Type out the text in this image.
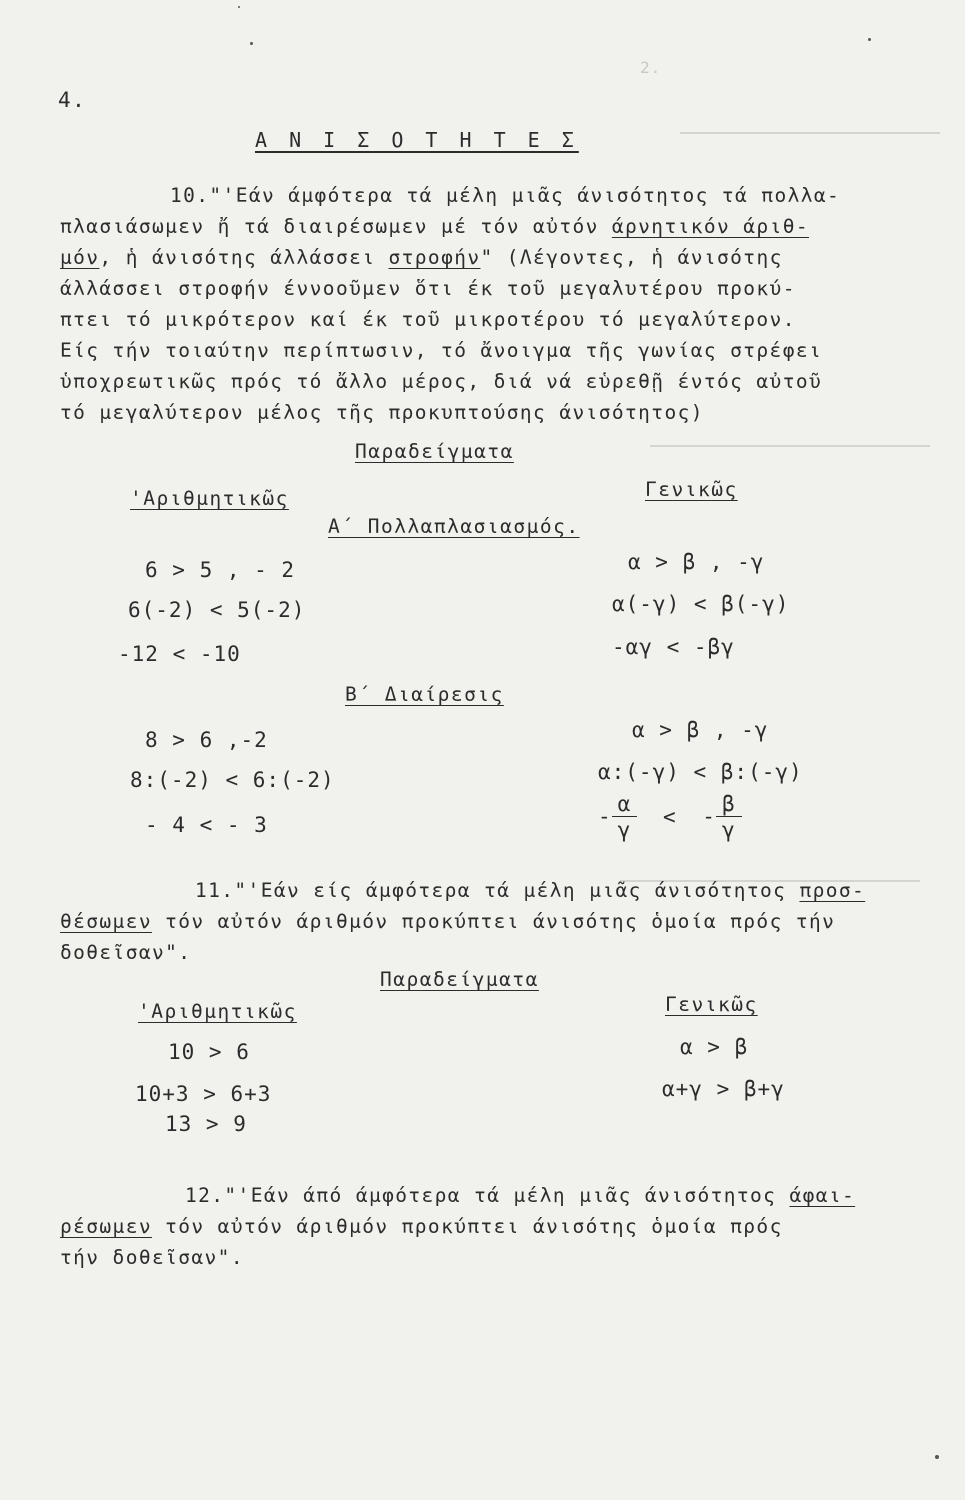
2.
4.
Α Ν Ι Σ Ο Τ Η Τ Ε Σ
10."'Εάν άμφότερα τά μέλη μιᾶς άνισότητος τά πολλα-
πλασιάσωμεν ἤ τά διαιρέσωμεν μέ τόν αὐτόν άρνητικόν άριθ-
μόν, ἡ άνισότης άλλάσσει στροφήν" (Λέγοντες, ἡ άνισότης
άλλάσσει στροφήν έννοοῦμεν ὅτι έκ τοῦ μεγαλυτέρου προκύ-
πτει τό μικρότερον καί έκ τοῦ μικροτέρου τό μεγαλύτερον.
Είς τήν τοιαύτην περίπτωσιν, τό ἄνοιγμα τῆς γωνίας στρέφει
ὑποχρεωτικῶς πρός τό ἄλλο μέρος, διά νά εὑρεθῇ έντός αὐτοῦ
τό μεγαλύτερον μέλος τῆς προκυπτούσης άνισότητος)
Παραδείγματα
'Αριθμητικῶς	Γενικῶς
Α΄ Πολλαπλασιασμός.
6 > 5 , - 2
6(-2) < 5(-2)
-12 < -10
α > β , -γ
α(-γ) < β(-γ)
-αγ < -βγ
Β΄ Διαίρεσις
8 > 6 ,-2
8:(-2) < 6:(-2)
- 4 < - 3
α > β , -γ
α:(-γ) < β:(-γ)
- $\frac{\alpha}{\gamma}$ < - $\frac{\beta}{\gamma}$
11."'Εάν είς άμφότερα τά μέλη μιᾶς άνισότητος προσ-
θέσωμεν τόν αὐτόν άριθμόν προκύπτει άνισότης ὁμοία πρός τήν
δοθεῖσαν".
Παραδείγματα
'Αριθμητικῶς	Γενικῶς
10 > 6
10+3 > 6+3
13 > 9
α > β
α+γ > β+γ
12."'Εάν άπό άμφότερα τά μέλη μιᾶς άνισότητος άφαι-
ρέσωμεν τόν αὐτόν άριθμόν προκύπτει άνισότης ὁμοία πρός
τήν δοθεῖσαν".
